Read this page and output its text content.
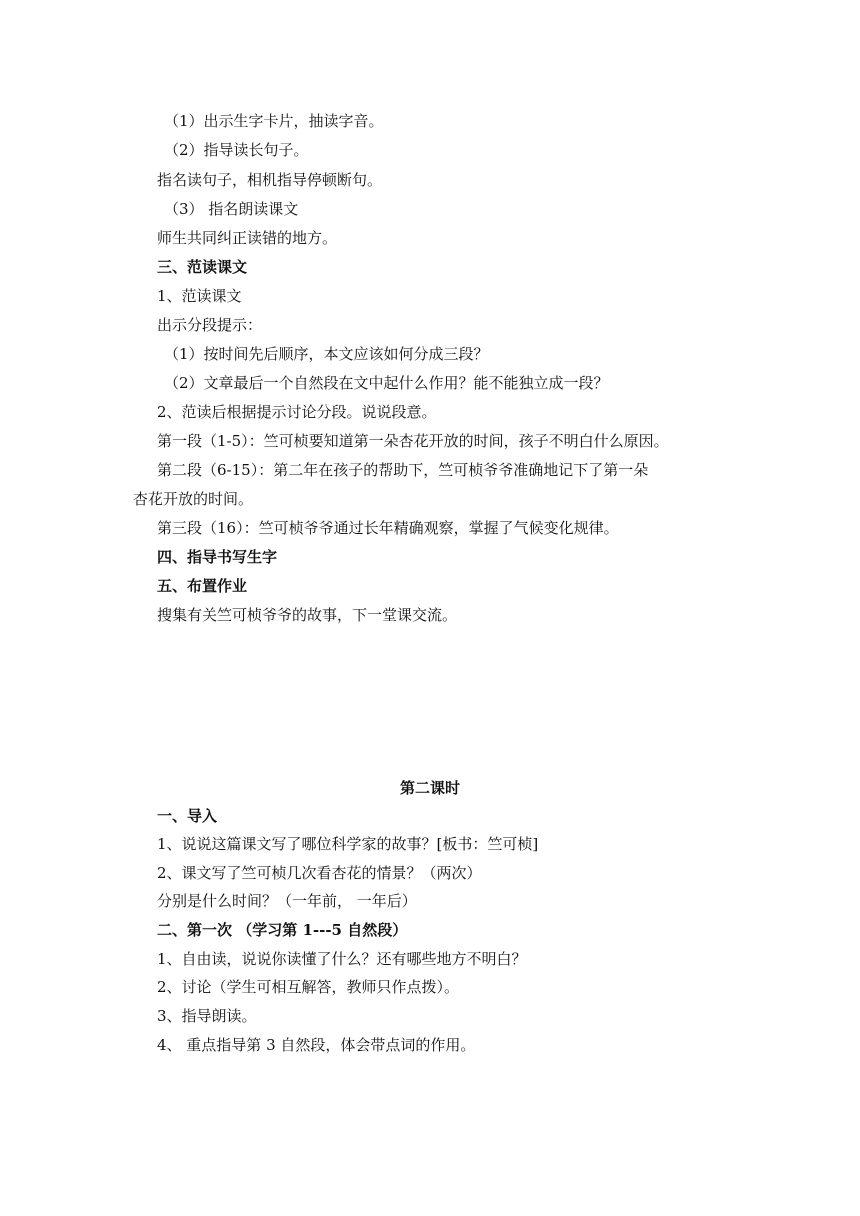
（1）出示生字卡片，抽读字音。
（2）指导读长句子。
指名读句子，相机指导停顿断句。
（3） 指名朗读课文
师生共同纠正读错的地方。
三、范读课文
1、范读课文
出示分段提示：
（1）按时间先后顺序，本文应该如何分成三段？
（2）文章最后一个自然段在文中起什么作用？能不能独立成一段？
2、范读后根据提示讨论分段。说说段意。
第一段（1-5）：竺可桢要知道第一朵杏花开放的时间，孩子不明白什么原因。
第二段（6-15）：第二年在孩子的帮助下，竺可桢爷爷准确地记下了第一朵
杏花开放的时间。
第三段（16）：竺可桢爷爷通过长年精确观察，掌握了气候变化规律。
四、指导书写生字
五、布置作业
搜集有关竺可桢爷爷的故事，下一堂课交流。
第二课时
一、导入
1、说说这篇课文写了哪位科学家的故事？[板书：竺可桢]
2、课文写了竺可桢几次看杏花的情景？（两次）
分别是什么时间？（一年前， 一年后）
二、第一次 （学习第 1---5 自然段）
1、自由读，说说你读懂了什么？还有哪些地方不明白？
2、讨论（学生可相互解答，教师只作点拨）。
3、指导朗读。
4、 重点指导第 3 自然段，体会带点词的作用。
